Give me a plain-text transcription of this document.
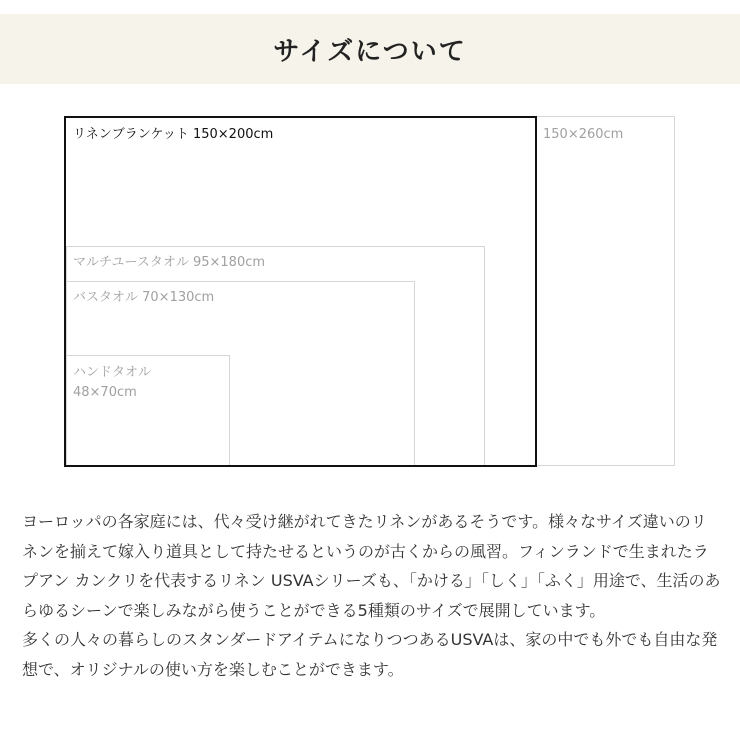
サイズについて
150×260cm
マルチユースタオル 95×180cm
バスタオル 70×130cm
ハンドタオル
48×70cm
リネンブランケット 150×200cm

ヨーロッパの各家庭には、代々受け継がれてきたリネンがあるそうです。様々なサイズ違いのリネンを揃えて嫁入り道具として持たせるというのが古くからの風習。フィンランドで生まれたラプアン カンクリを代表するリネン USVAシリーズも、「かける」「しく」「ふく」用途で、生活のあらゆるシーンで楽しみながら使うことができる5種類のサイズで展開しています。

多くの人々の暮らしのスタンダードアイテムになりつつあるUSVAは、家の中でも外でも自由な発想で、オリジナルの使い方を楽しむことができます。
